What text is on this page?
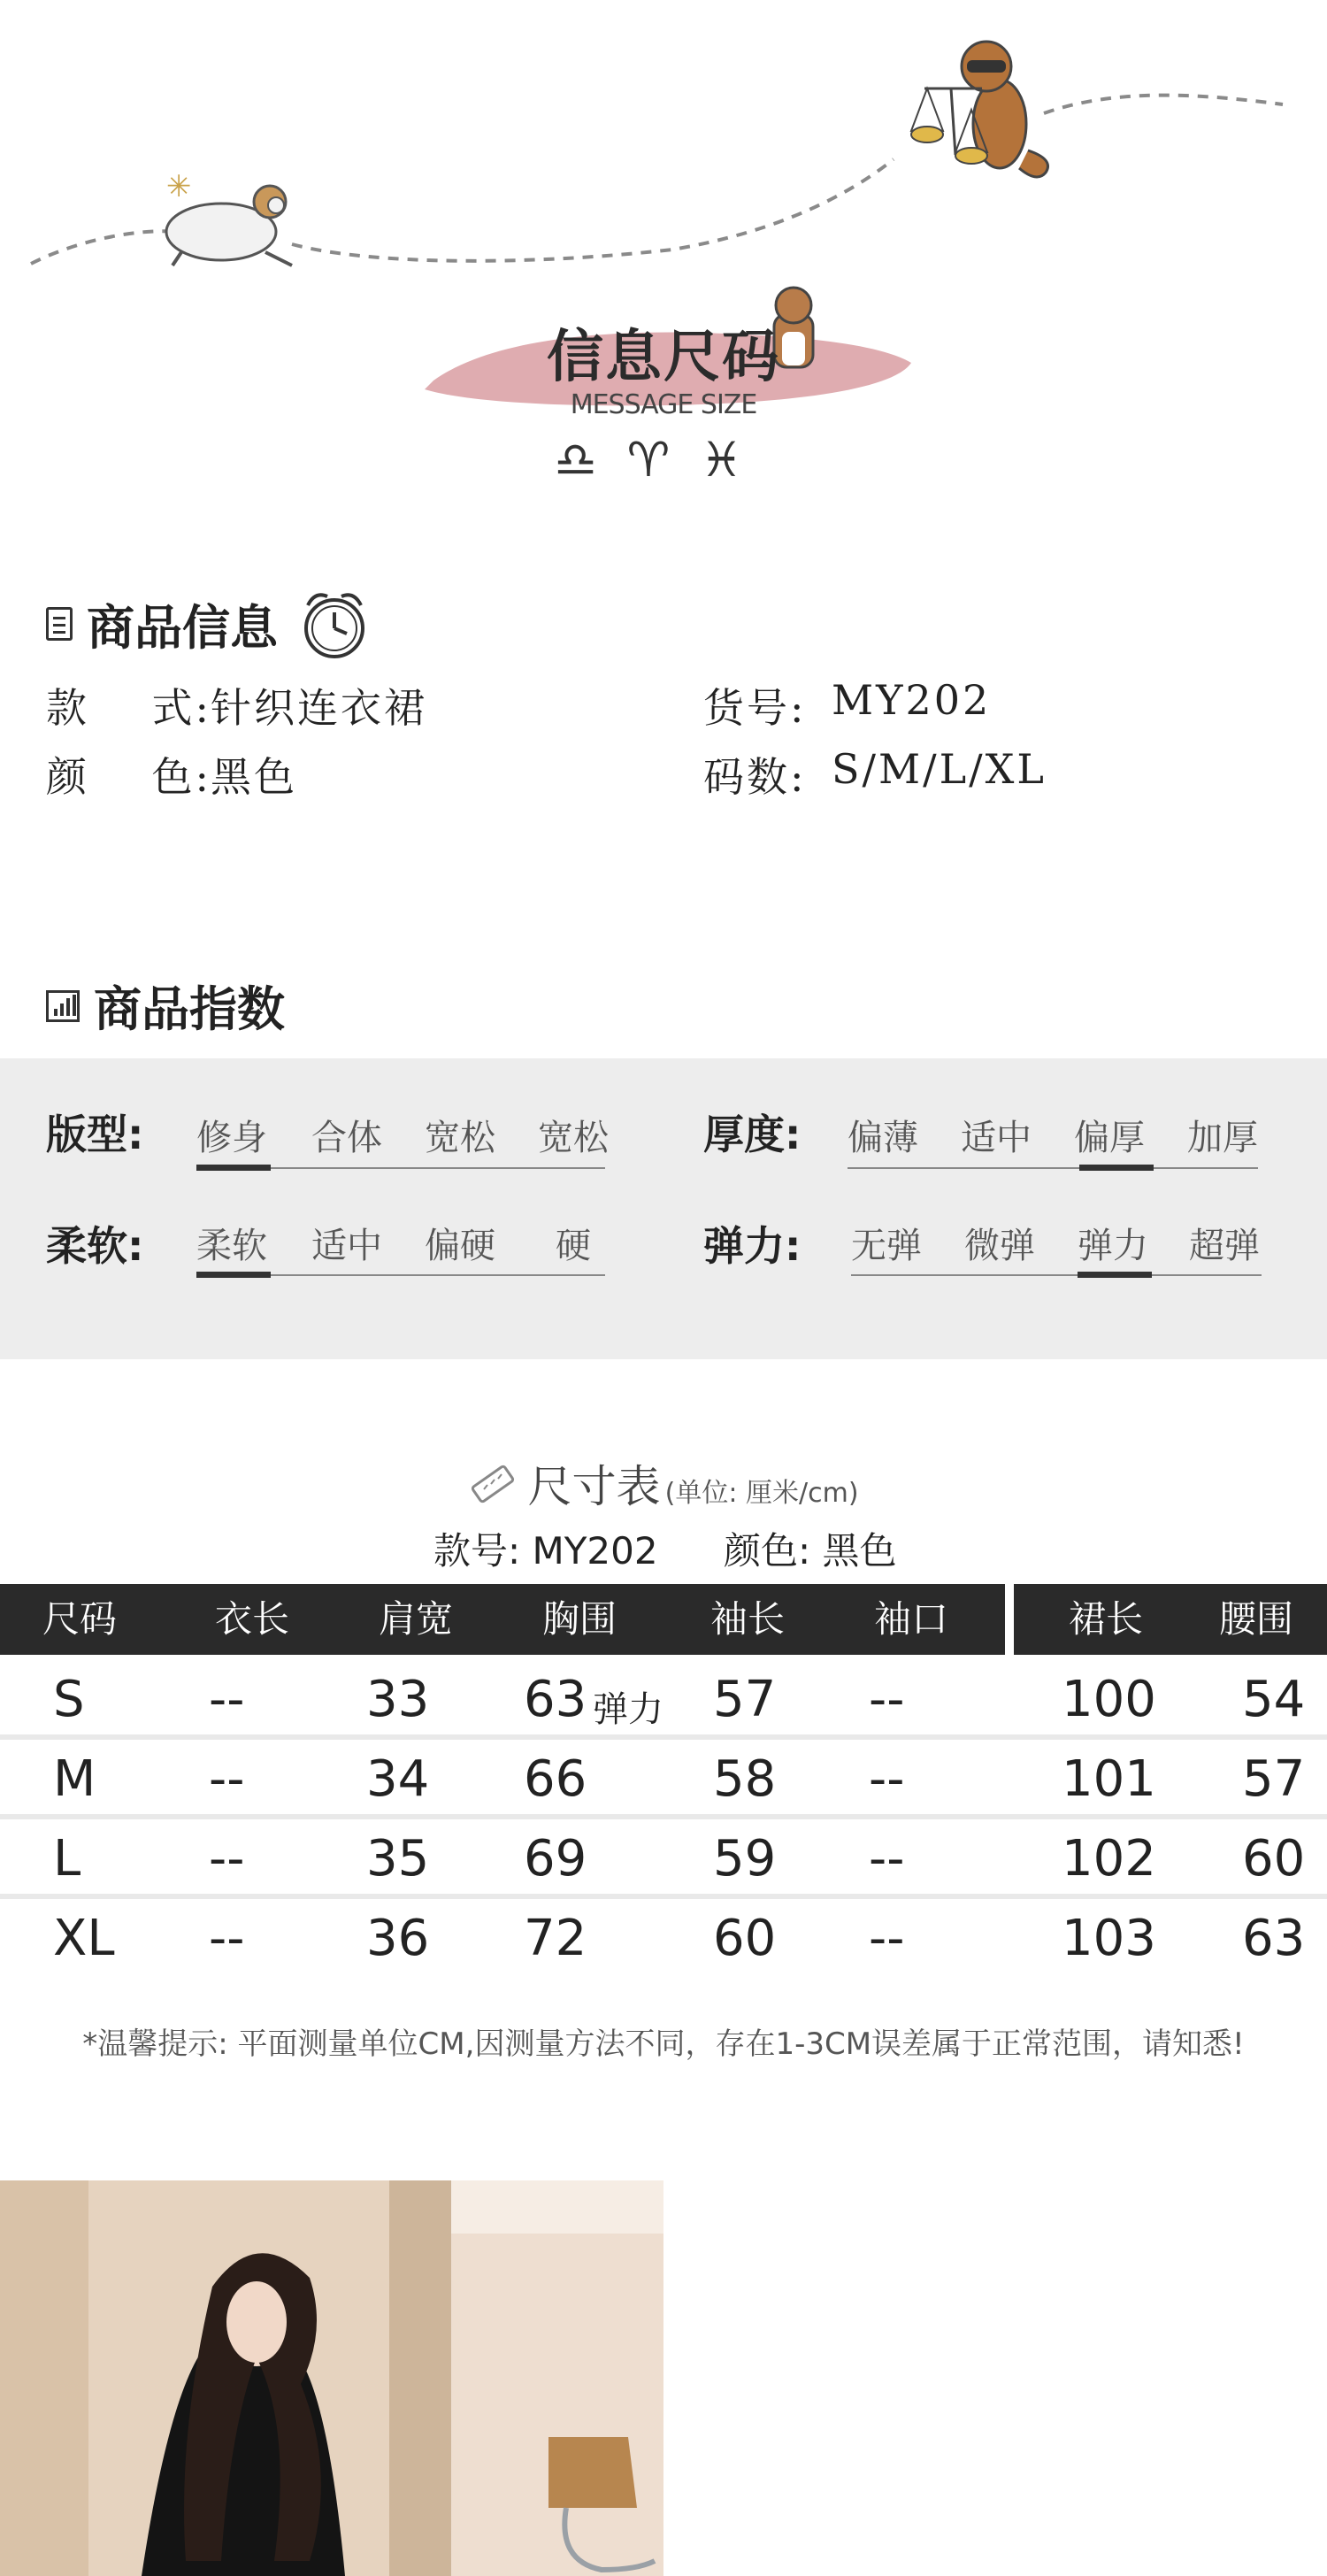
✳
信息尺码
MESSAGE SIZE
♎♈♓
商品信息
款    式: 针织连衣裙	货号: MY202
颜    色: 黑色	码数: S/M/L/XL
商品指数
版型: 修身 合体 宽松 宽松 厚度: 偏薄 适中 偏厚 加厚
柔软: 柔软 适中 偏硬 硬	弹力: 无弹 微弹 弹力 超弹
尺寸表 (单位: 厘米/cm)
款号: MY202 颜色: 黑色
尺码	衣长	肩宽	胸围	袖长	袖口	裙长	腰围
S	-- 33 63 弹力 57 --	100 54
M -- 34 66	58 --	101 57
L	-- 35 69	59 --	102 60
XL -- 36 72	60 --	103 63
*温馨提示: 平面测量单位CM,因测量方法不同，存在1-3CM误差属于正常范围，请知悉!
